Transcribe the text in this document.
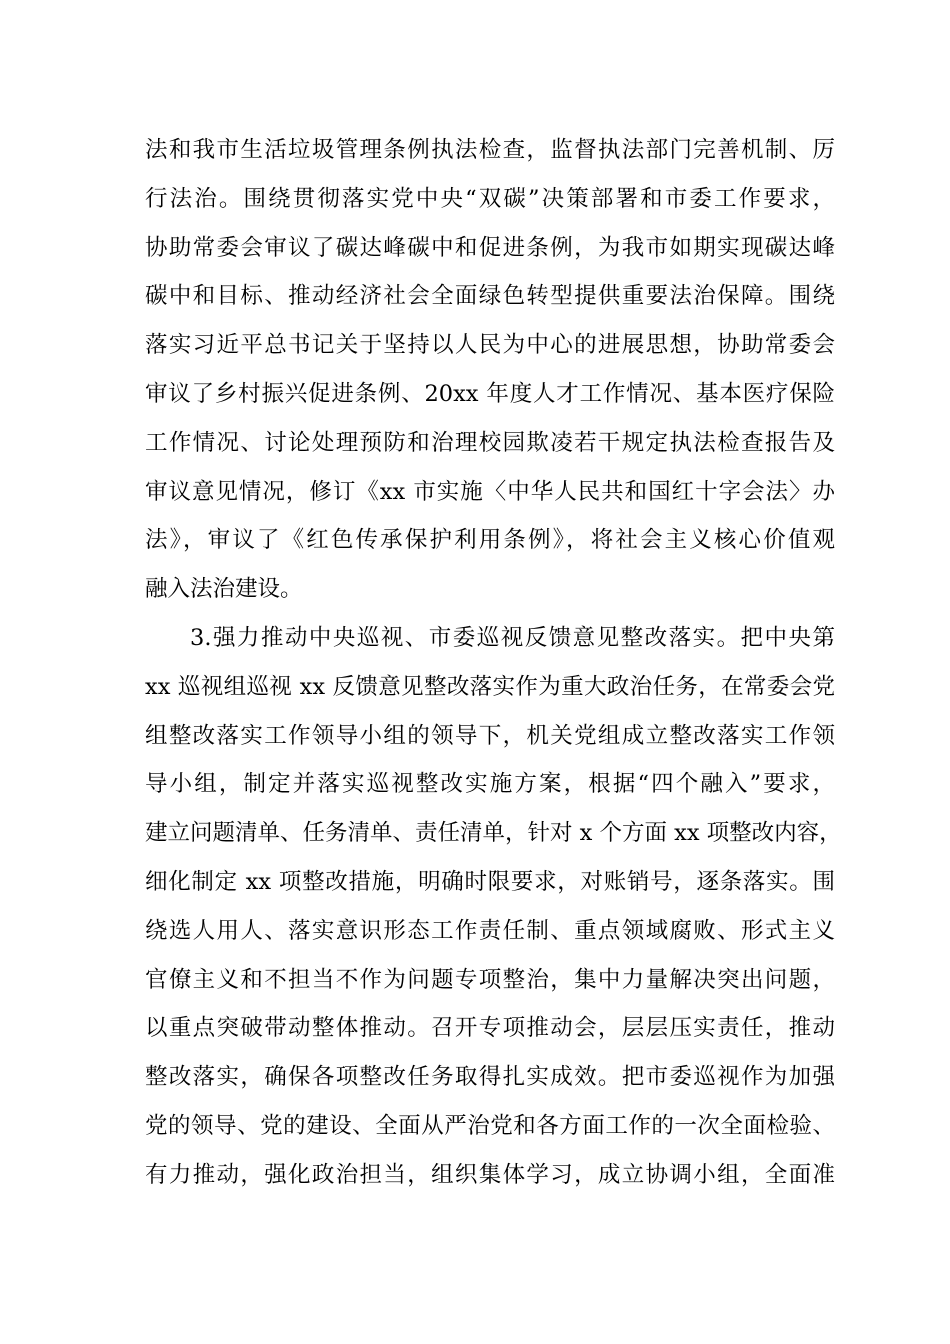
法和我市生活垃圾管理条例执法检查，监督执法部门完善机制、厉
行法治。围绕贯彻落实党中央“双碳”决策部署和市委工作要求，
协助常委会审议了碳达峰碳中和促进条例，为我市如期实现碳达峰
碳中和目标、推动经济社会全面绿色转型提供重要法治保障。围绕
落实习近平总书记关于坚持以人民为中心的进展思想，协助常委会
审议了乡村振兴促进条例、20xx 年度人才工作情况、基本医疗保险
工作情况、讨论处理预防和治理校园欺凌若干规定执法检查报告及
审议意见情况，修订《xx 市实施〈中华人民共和国红十字会法〉办
法》，审议了《红色传承保护利用条例》，将社会主义核心价值观
融入法治建设。
3.强力推动中央巡视、市委巡视反馈意见整改落实。把中央第
xx 巡视组巡视 xx 反馈意见整改落实作为重大政治任务，在常委会党
组整改落实工作领导小组的领导下，机关党组成立整改落实工作领
导小组，制定并落实巡视整改实施方案，根据“四个融入”要求，
建立问题清单、任务清单、责任清单，针对 x 个方面 xx 项整改内容，
细化制定 xx 项整改措施，明确时限要求，对账销号，逐条落实。围
绕选人用人、落实意识形态工作责任制、重点领域腐败、形式主义
官僚主义和不担当不作为问题专项整治，集中力量解决突出问题，
以重点突破带动整体推动。召开专项推动会，层层压实责任，推动
整改落实，确保各项整改任务取得扎实成效。把市委巡视作为加强
党的领导、党的建设、全面从严治党和各方面工作的一次全面检验、
有力推动，强化政治担当，组织集体学习，成立协调小组，全面准
